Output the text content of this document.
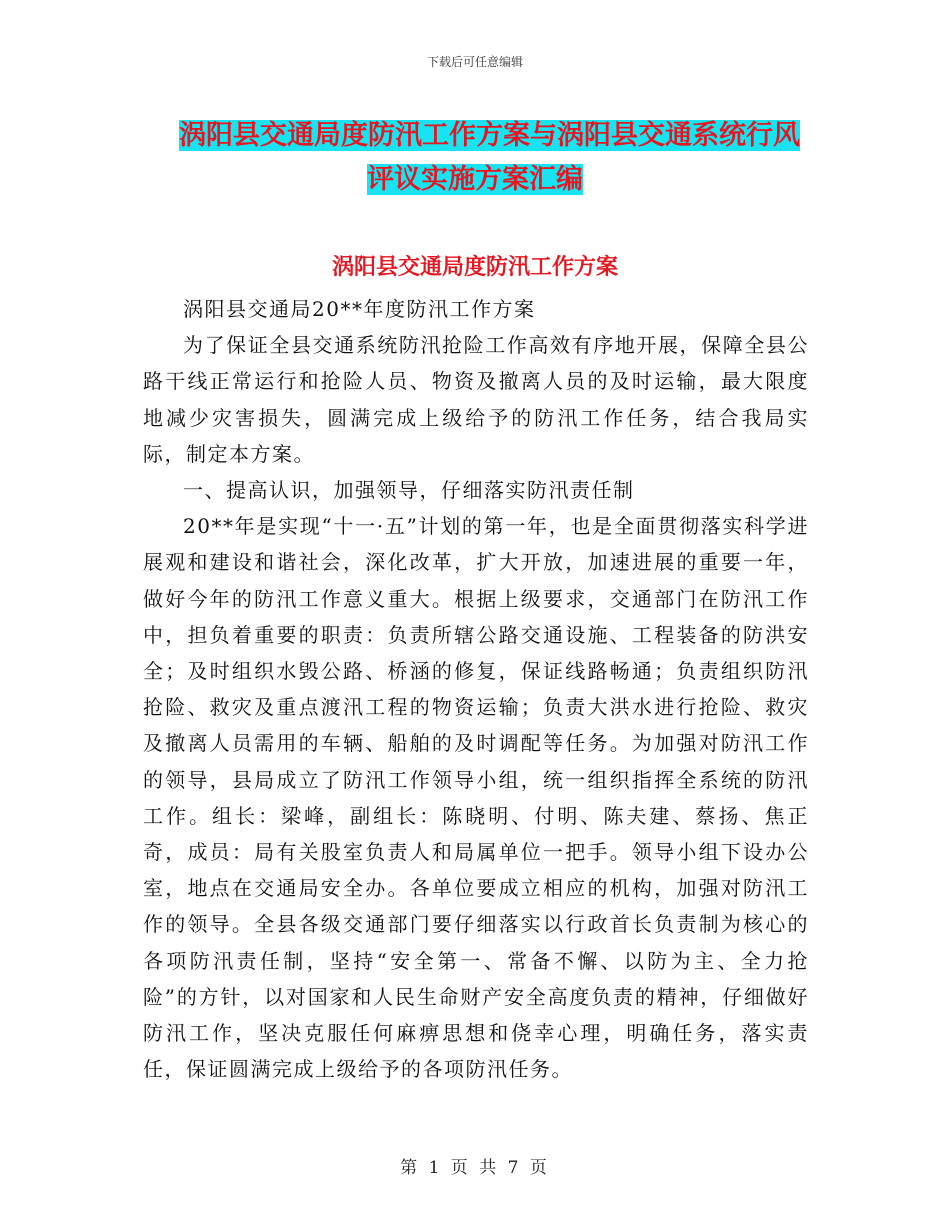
下载后可任意编辑
涡阳县交通局度防汛工作方案与涡阳县交通系统行风
评议实施方案汇编
涡阳县交通局度防汛工作方案

涡阳县交通局20**年度防汛工作方案

为了保证全县交通系统防汛抢险工作高效有序地开展，保障全县公路干线正常运行和抢险人员、物资及撤离人员的及时运输，最大限度地减少灾害损失，圆满完成上级给予的防汛工作任务，结合我局实际，制定本方案。

一、提高认识，加强领导，仔细落实防汛责任制

20**年是实现“十一·五”计划的第一年，也是全面贯彻落实科学进展观和建设和谐社会，深化改革，扩大开放，加速进展的重要一年，做好今年的防汛工作意义重大。根据上级要求，交通部门在防汛工作中，担负着重要的职责：负责所辖公路交通设施、工程装备的防洪安全；及时组织水毁公路、桥涵的修复，保证线路畅通；负责组织防汛抢险、救灾及重点渡汛工程的物资运输；负责大洪水进行抢险、救灾及撤离人员需用的车辆、船舶的及时调配等任务。为加强对防汛工作的领导，县局成立了防汛工作领导小组，统一组织指挥全系统的防汛工作。组长：梁峰，副组长：陈晓明、付明、陈夫建、蔡扬、焦正奇，成员：局有关股室负责人和局属单位一把手。领导小组下设办公室，地点在交通局安全办。各单位要成立相应的机构，加强对防汛工作的领导。全县各级交通部门要仔细落实以行政首长负责制为核心的各项防汛责任制，坚持“安全第一、常备不懈、以防为主、全力抢险”的方针，以对国家和人民生命财产安全高度负责的精神，仔细做好防汛工作，坚决克服任何麻痹思想和侥幸心理，明确任务，落实责任，保证圆满完成上级给予的各项防汛任务。

第 1 页 共 7 页
